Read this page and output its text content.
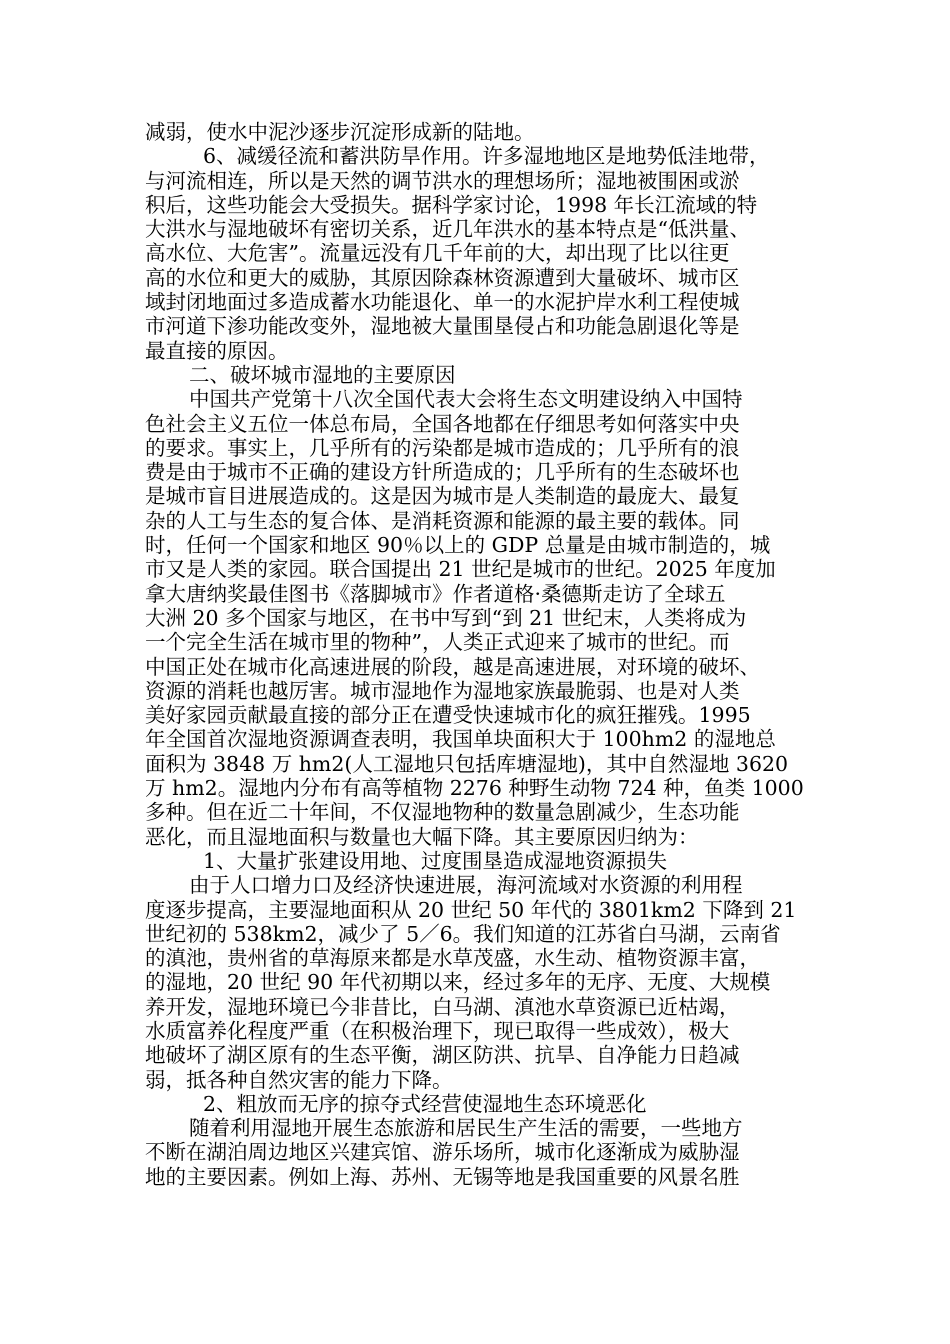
减弱，使水中泥沙逐步沉淀形成新的陆地。
6、减缓径流和蓄洪防旱作用。许多湿地地区是地势低洼地带，
与河流相连，所以是天然的调节洪水的理想场所；湿地被围困或淤
积后，这些功能会大受损失。据科学家讨论，1998 年长江流域的特
大洪水与湿地破坏有密切关系，近几年洪水的基本特点是“低洪量、
高水位、大危害”。流量远没有几千年前的大，却出现了比以往更
高的水位和更大的威胁，其原因除森林资源遭到大量破坏、城市区
域封闭地面过多造成蓄水功能退化、单一的水泥护岸水利工程使城
市河道下渗功能改变外，湿地被大量围垦侵占和功能急剧退化等是
最直接的原因。
二、破坏城市湿地的主要原因
中国共产党第十八次全国代表大会将生态文明建设纳入中国特
色社会主义五位一体总布局，全国各地都在仔细思考如何落实中央
的要求。事实上，几乎所有的污染都是城市造成的；几乎所有的浪
费是由于城市不正确的建设方针所造成的；几乎所有的生态破坏也
是城市盲目进展造成的。这是因为城市是人类制造的最庞大、最复
杂的人工与生态的复合体、是消耗资源和能源的最主要的载体。同
时，任何一个国家和地区 90％以上的 GDP 总量是由城市制造的，城
市又是人类的家园。联合国提出 21 世纪是城市的世纪。2025 年度加
拿大唐纳奖最佳图书《落脚城市》作者道格·桑德斯走访了全球五
大洲 20 多个国家与地区，在书中写到“到 21 世纪末，人类将成为
一个完全生活在城市里的物种”，人类正式迎来了城市的世纪。而
中国正处在城市化高速进展的阶段，越是高速进展，对环境的破坏、
资源的消耗也越厉害。城市湿地作为湿地家族最脆弱、也是对人类
美好家园贡献最直接的部分正在遭受快速城市化的疯狂摧残。1995
年全国首次湿地资源调查表明，我国单块面积大于 100hm2 的湿地总
面积为 3848 万 hm2(人工湿地只包括库塘湿地)，其中自然湿地 3620
万 hm2。湿地内分布有高等植物 2276 种野生动物 724 种，鱼类 1000
多种。但在近二十年间，不仅湿地物种的数量急剧减少，生态功能
恶化，而且湿地面积与数量也大幅下降。其主要原因归纳为：
1、大量扩张建设用地、过度围垦造成湿地资源损失
由于人口增力口及经济快速进展，海河流域对水资源的利用程
度逐步提高，主要湿地面积从 20 世纪 50 年代的 3801km2 下降到 21
世纪初的 538km2，减少了 5／6。我们知道的江苏省白马湖，云南省
的滇池，贵州省的草海原来都是水草茂盛，水生动、植物资源丰富，
的湿地，20 世纪 90 年代初期以来，经过多年的无序、无度、大规模
养开发，湿地环境已今非昔比，白马湖、滇池水草资源已近枯竭，
水质富养化程度严重（在积极治理下，现已取得一些成效），极大
地破坏了湖区原有的生态平衡，湖区防洪、抗旱、自净能力日趋减
弱，抵各种自然灾害的能力下降。
2、粗放而无序的掠夺式经营使湿地生态环境恶化
随着利用湿地开展生态旅游和居民生产生活的需要，一些地方
不断在湖泊周边地区兴建宾馆、游乐场所，城市化逐渐成为威胁湿
地的主要因素。例如上海、苏州、无锡等地是我国重要的风景名胜
